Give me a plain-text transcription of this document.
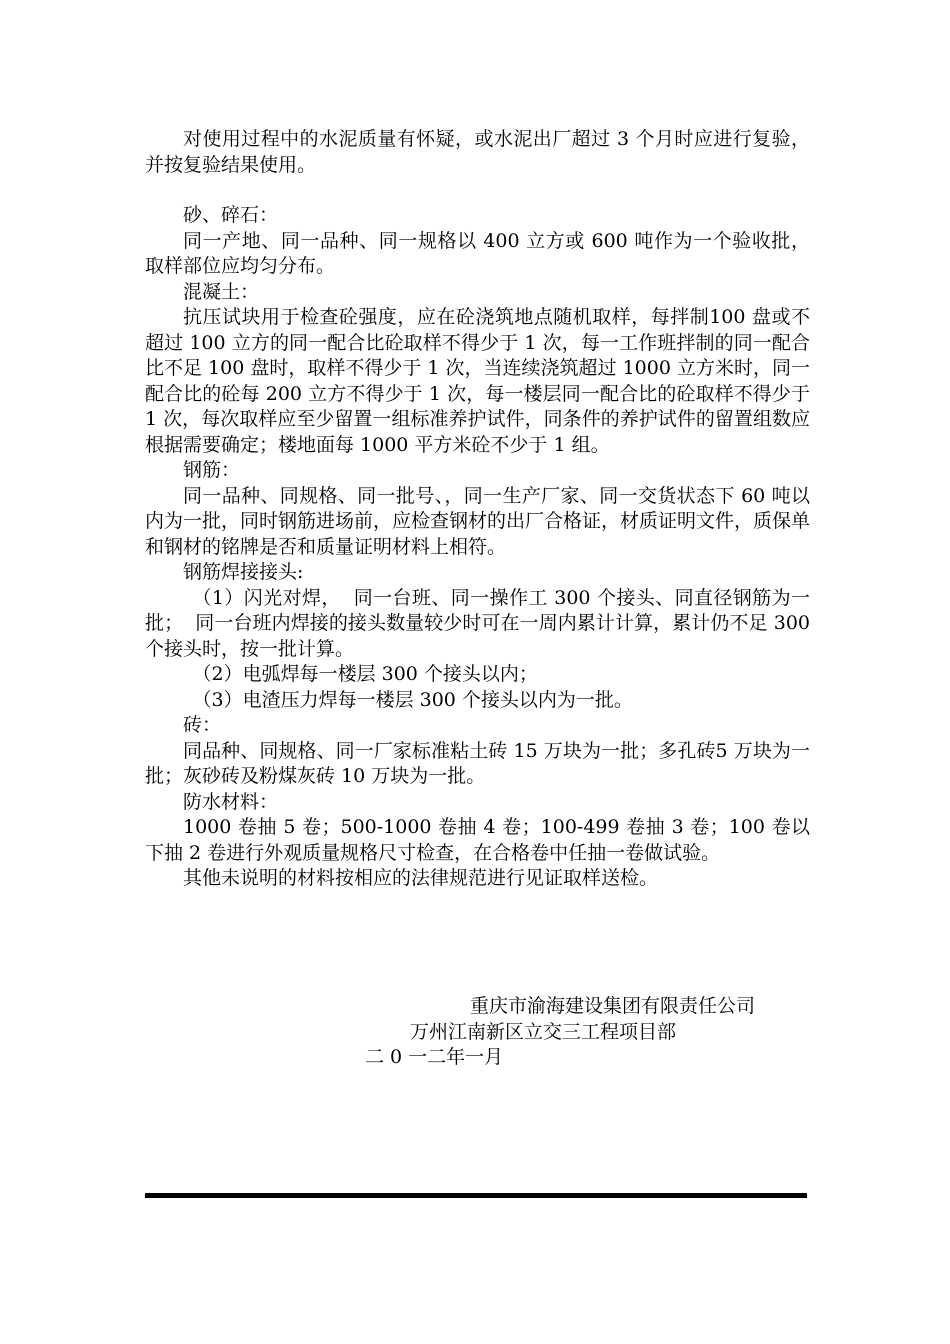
对使用过程中的水泥质量有怀疑，或水泥出厂超过 3 个月时应进行复验，并按复验结果使用。

砂、碎石：

同一产地、同一品种、同一规格以 400 立方或 600 吨作为一个验收批，取样部位应均匀分布。

混凝土：

抗压试块用于检查砼强度，应在砼浇筑地点随机取样，每拌制100 盘或不超过 100 立方的同一配合比砼取样不得少于 1 次，每一工作班拌制的同一配合比不足 100 盘时，取样不得少于 1 次，当连续浇筑超过 1000 立方米时，同一配合比的砼每 200 立方不得少于 1 次，每一楼层同一配合比的砼取样不得少于 1 次，每次取样应至少留置一组标准养护试件，同条件的养护试件的留置组数应根据需要确定；楼地面每 1000 平方米砼不少于 1 组。

钢筋：

同一品种、同规格、同一批号、，同一生产厂家、同一交货状态下 60 吨以内为一批，同时钢筋进场前，应检查钢材的出厂合格证，材质证明文件，质保单和钢材的铭牌是否和质量证明材料上相符。

钢筋焊接接头:

（1）闪光对焊，  同一台班、同一操作工 300 个接头、同直径钢筋为一批；  同一台班内焊接的接头数量较少时可在一周内累计计算，累计仍不足 300 个接头时，按一批计算。

（2）电弧焊每一楼层 300 个接头以内；

（3）电渣压力焊每一楼层 300 个接头以内为一批。

砖：

同品种、同规格、同一厂家标准粘土砖 15 万块为一批；多孔砖5 万块为一批；灰砂砖及粉煤灰砖 10 万块为一批。

防水材料：

1000 卷抽 5 卷；500-1000 卷抽 4 卷；100-499 卷抽 3 卷；100 卷以下抽 2 卷进行外观质量规格尺寸检查，在合格卷中任抽一卷做试验。

其他未说明的材料按相应的法律规范进行见证取样送检。

重庆市渝海建设集团有限责任公司
万州江南新区立交三工程项目部
二 0 一二年一月
